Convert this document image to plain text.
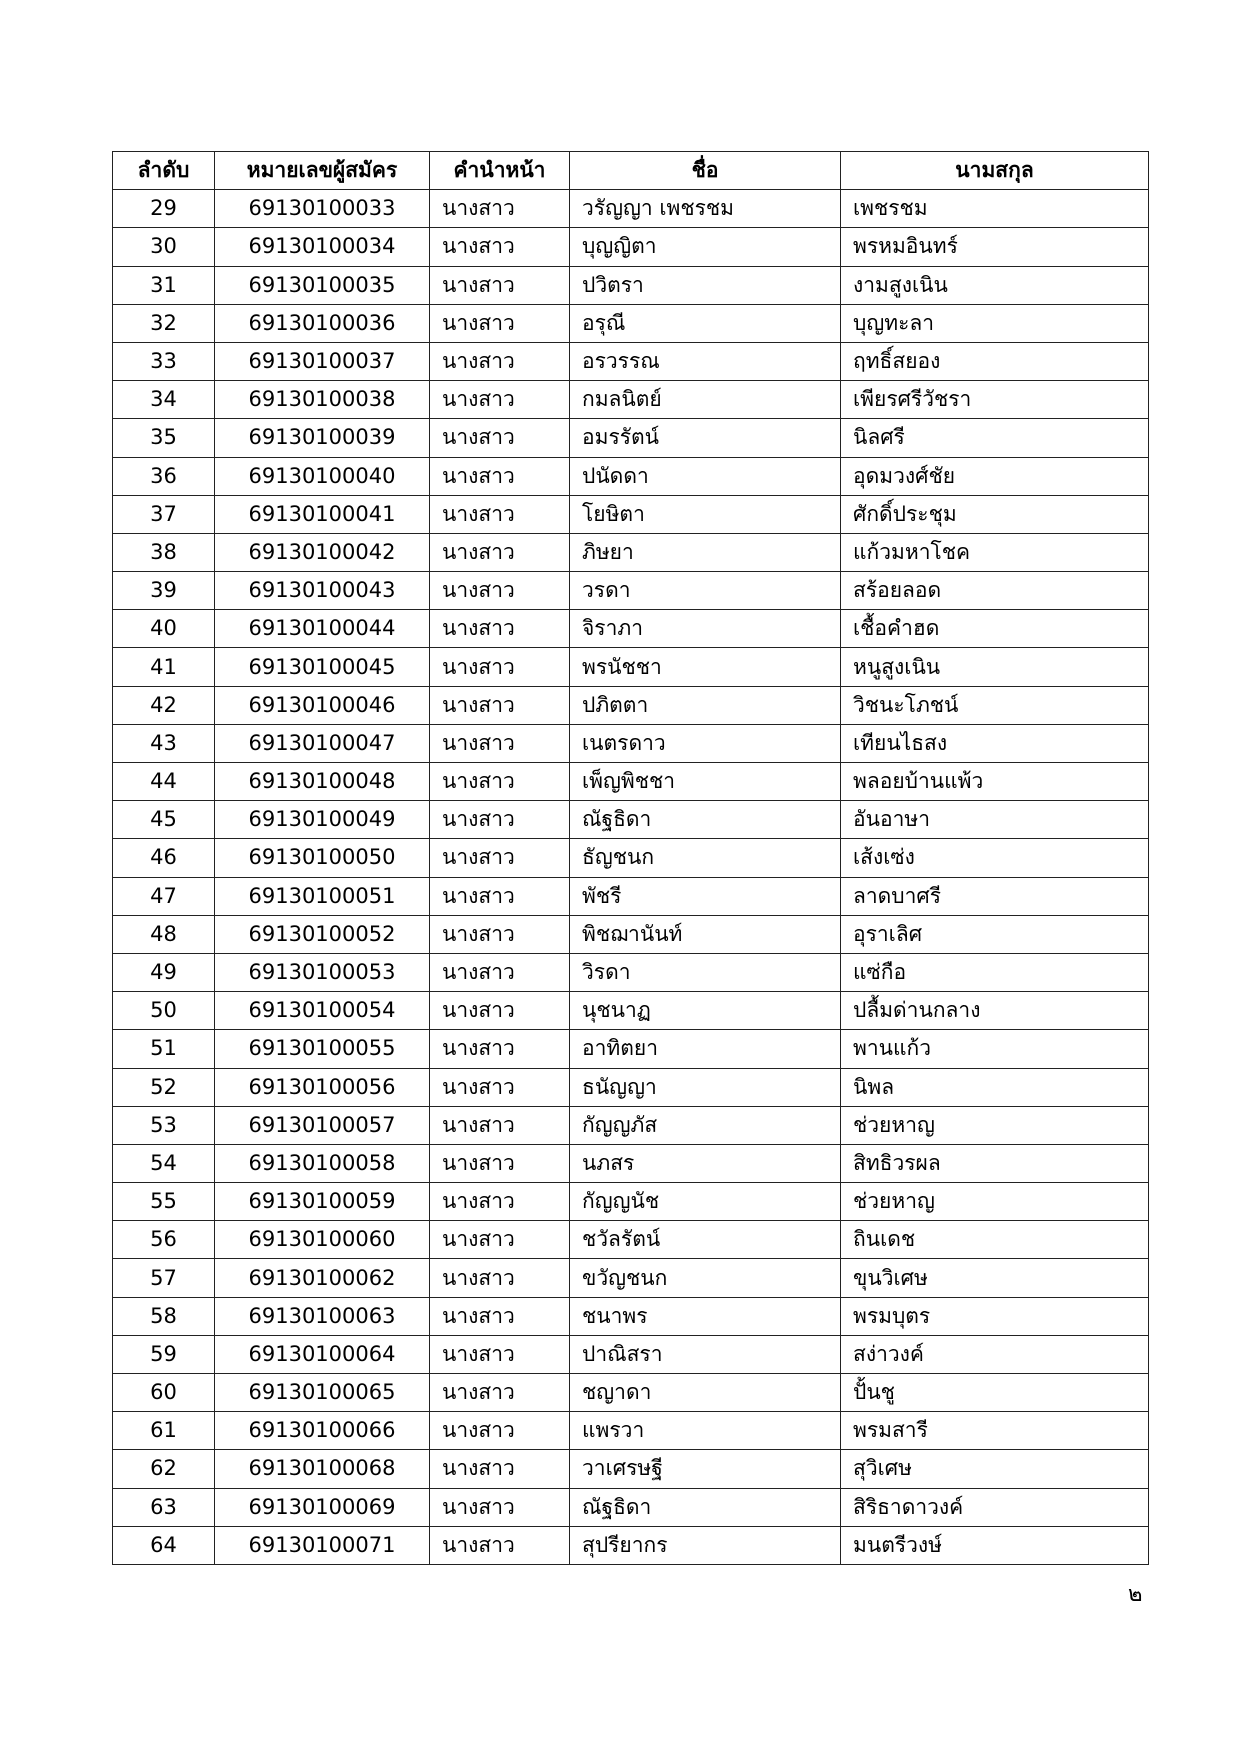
ลำดับ	หมายเลขผู้สมัคร	คำนำหน้า	ชื่อ	นามสกุล
29	69130100033	นางสาว	วรัญญา เพชรชม	เพชรชม
30	69130100034	นางสาว	บุญญิตา	พรหมอินทร์
31	69130100035	นางสาว	ปวิตรา	งามสูงเนิน
32	69130100036	นางสาว	อรุณี	บุญทะลา
33	69130100037	นางสาว	อรวรรณ	ฤทธิ์สยอง
34	69130100038	นางสาว	กมลนิตย์	เพียรศรีวัชรา
35	69130100039	นางสาว	อมรรัตน์	นิลศรี
36	69130100040	นางสาว	ปนัดดา	อุดมวงศ์ชัย
37	69130100041	นางสาว	โยษิตา	ศักดิ์ประชุม
38	69130100042	นางสาว	ภิษยา	แก้วมหาโชค
39	69130100043	นางสาว	วรดา	สร้อยลอด
40	69130100044	นางสาว	จิราภา	เชื้อคำฮด
41	69130100045	นางสาว	พรนัชชา	หนูสูงเนิน
42	69130100046	นางสาว	ปภิตตา	วิชนะโภชน์
43	69130100047	นางสาว	เนตรดาว	เทียนไธสง
44	69130100048	นางสาว	เพ็ญพิชชา	พลอยบ้านแพ้ว
45	69130100049	นางสาว	ณัฐธิดา	อันอาษา
46	69130100050	นางสาว	ธัญชนก	เส้งเซ่ง
47	69130100051	นางสาว	พัชรี	ลาดบาศรี
48	69130100052	นางสาว	พิชฌานันท์	อุราเลิศ
49	69130100053	นางสาว	วิรดา	แซ่กือ
50	69130100054	นางสาว	นุชนาฏ	ปลื้มด่านกลาง
51	69130100055	นางสาว	อาทิตยา	พานแก้ว
52	69130100056	นางสาว	ธนัญญา	นิพล
53	69130100057	นางสาว	กัญญภัส	ช่วยหาญ
54	69130100058	นางสาว	นภสร	สิทธิวรผล
55	69130100059	นางสาว	กัญญนัช	ช่วยหาญ
56	69130100060	นางสาว	ชวัลรัตน์	ถินเดช
57	69130100062	นางสาว	ขวัญชนก	ขุนวิเศษ
58	69130100063	นางสาว	ชนาพร	พรมบุตร
59	69130100064	นางสาว	ปาณิสรา	สง่าวงค์
60	69130100065	นางสาว	ชญาดา	ปั้นชู
61	69130100066	นางสาว	แพรวา	พรมสารี
62	69130100068	นางสาว	วาเศรษฐี	สุวิเศษ
63	69130100069	นางสาว	ณัฐธิดา	สิริธาดาวงค์
64	69130100071	นางสาว	สุปรียากร	มนตรีวงษ์
๒
